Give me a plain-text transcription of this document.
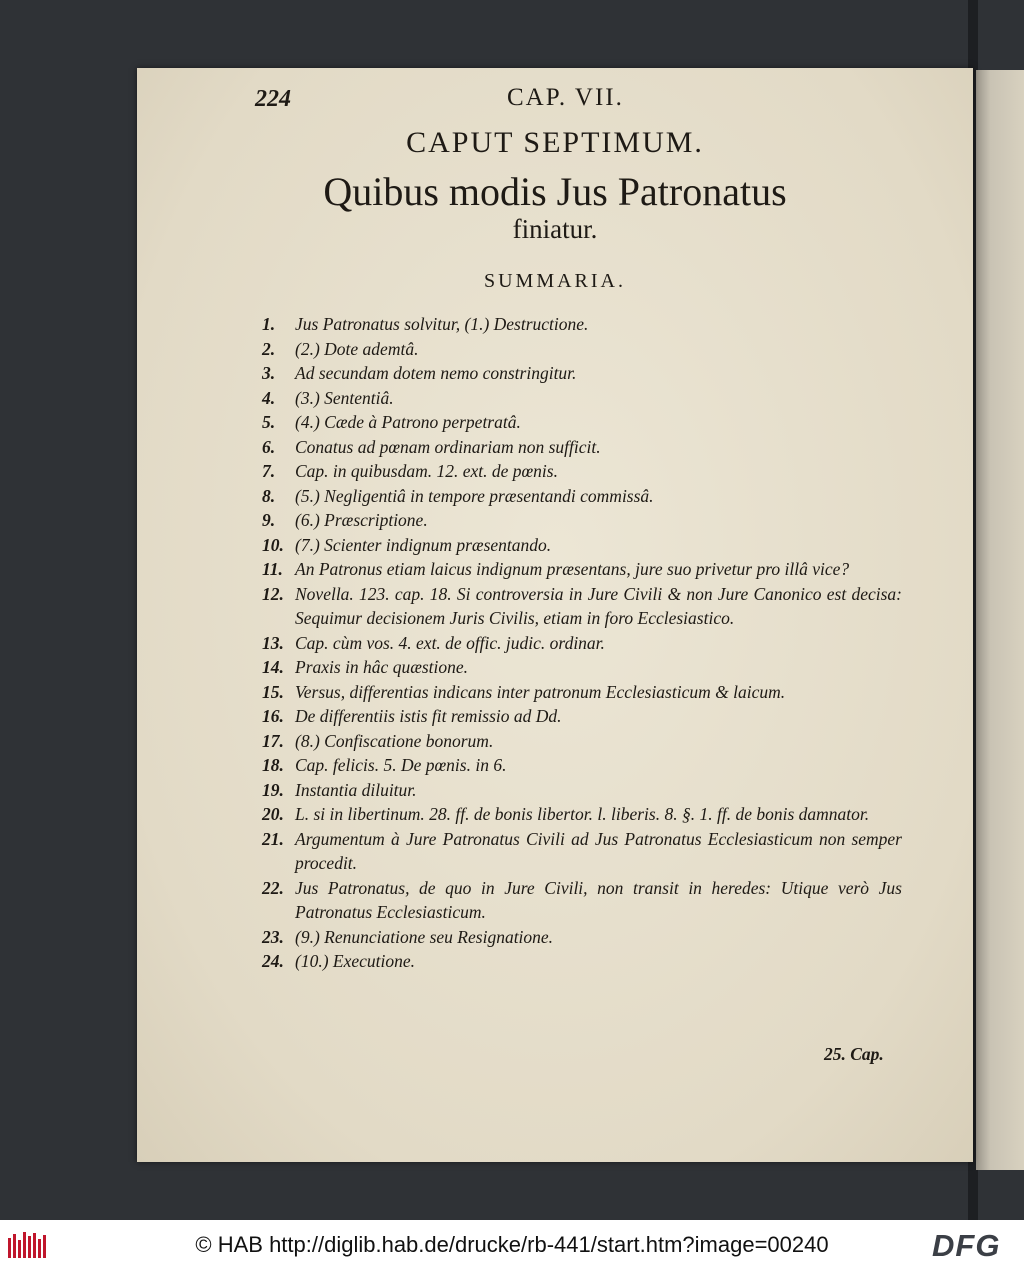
224	CAP. VII.
CAPUT SEPTIMUM.
Quibus modis Jus Patronatus
finiatur.
SUMMARIA.
1.	Jus Patronatus solvitur, (1.) Destructione.
2.	(2.) Dote ademtâ.
3.	Ad secundam dotem nemo constringitur.
4.	(3.) Sententiâ.
5.	(4.) Cæde à Patrono perpetratâ.
6.	Conatus ad pœnam ordinariam non sufficit.
7.	Cap. in quibusdam. 12. ext. de pœnis.
8.	(5.) Negligentiâ in tempore præsentandi commissâ.
9.	(6.) Præscriptione.
10. (7.) Scienter indignum præsentando.
11. An Patronus etiam laicus indignum præsentans, jure suo privetur pro illâ vice?
12. Novella. 123. cap. 18. Si controversia in Jure Civili & non Jure Canonico est decisa: Sequimur decisionem Juris Civilis, etiam in foro Ecclesiastico.
13. Cap. cùm vos. 4. ext. de offic. judic. ordinar.
14. Praxis in hâc quæstione.
15. Versus, differentias indicans inter patronum Ecclesiasticum & laicum.
16. De differentiis istis fit remissio ad Dd.
17. (8.) Confiscatione bonorum.
18. Cap. felicis. 5. De pœnis. in 6.
19. Instantia diluitur.
20. L. si in libertinum. 28. ff. de bonis libertor. l. liberis. 8. §. 1. ff. de bonis damnator.
21. Argumentum à Jure Patronatus Civili ad Jus Patronatus Ecclesiasticum non semper procedit.
22. Jus Patronatus, de quo in Jure Civili, non transit in heredes: Utique verò Jus Patronatus Ecclesiasticum.
23. (9.) Renunciatione seu Resignatione.
24. (10.) Executione.
25. Cap.
© HAB http://diglib.hab.de/drucke/rb-441/start.htm?image=00240	DFG
